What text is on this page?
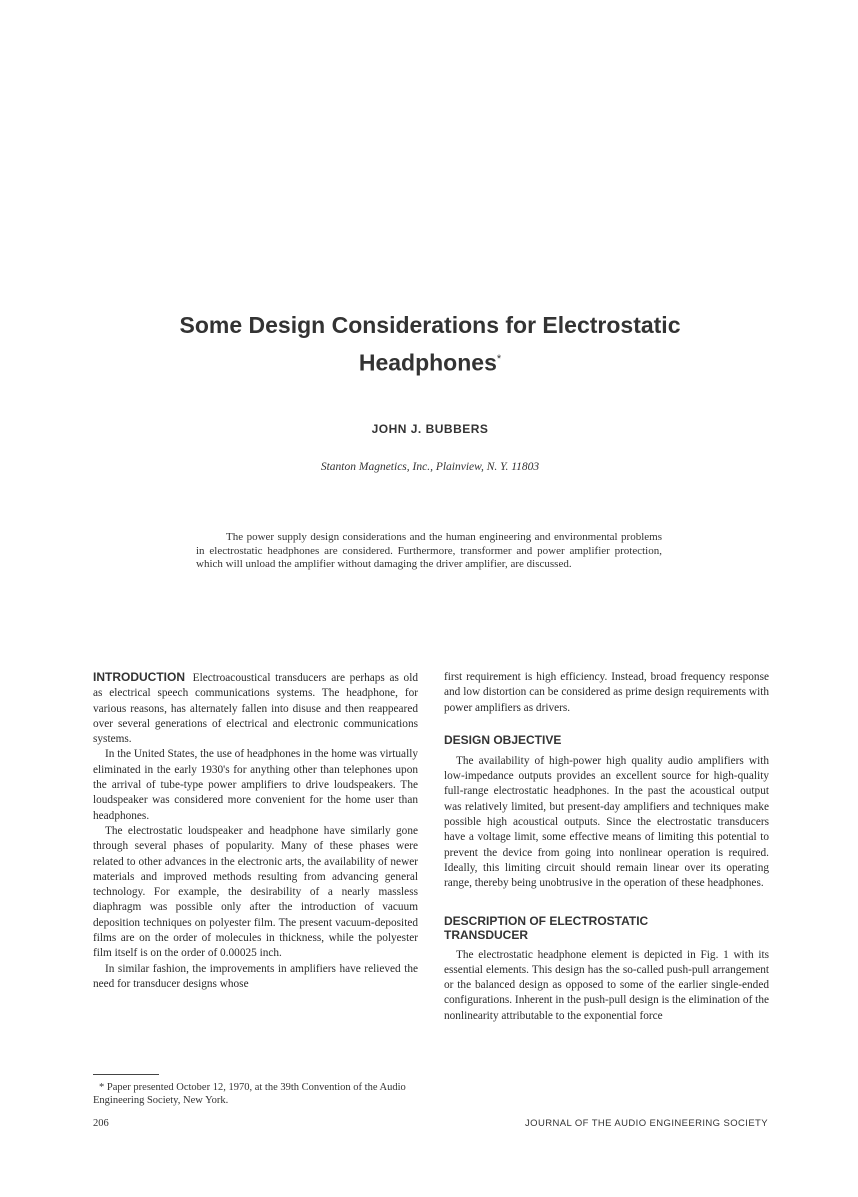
Some Design Considerations for Electrostatic
Headphones*
JOHN J. BUBBERS
Stanton Magnetics, Inc., Plainview, N. Y. 11803
The power supply design considerations and the human engineering and environmental problems in electrostatic headphones are considered. Furthermore, transformer and power amplifier protection, which will unload the amplifier without damaging the driver amplifier, are discussed.

INTRODUCTION Electroacoustical transducers are perhaps as old as electrical speech communications systems. The headphone, for various reasons, has alternately fallen into disuse and then reappeared over several generations of electrical and electronic communications systems.

In the United States, the use of headphones in the home was virtually eliminated in the early 1930's for anything other than telephones upon the arrival of tube-type power amplifiers to drive loudspeakers. The loudspeaker was considered more convenient for the home user than headphones.

The electrostatic loudspeaker and headphone have similarly gone through several phases of popularity. Many of these phases were related to other advances in the electronic arts, the availability of newer materials and improved methods resulting from advancing general technology. For example, the desirability of a nearly massless diaphragm was possible only after the introduction of vacuum deposition techniques on polyester film. The present vacuum-deposited films are on the order of molecules in thickness, while the polyester film itself is on the order of 0.00025 inch.

In similar fashion, the improvements in amplifiers have relieved the need for transducer designs whose

first requirement is high efficiency. Instead, broad frequency response and low distortion can be considered as prime design requirements with power amplifiers as drivers.

DESIGN OBJECTIVE

The availability of high-power high quality audio amplifiers with low-impedance outputs provides an excellent source for high-quality full-range electrostatic headphones. In the past the acoustical output was relatively limited, but present-day amplifiers and techniques make possible high acoustical outputs. Since the electrostatic transducers have a voltage limit, some effective means of limiting this potential to prevent the device from going into nonlinear operation is required. Ideally, this limiting circuit should remain linear over its operating range, thereby being unobtrusive in the operation of these headphones.

DESCRIPTION OF ELECTROSTATIC
TRANSDUCER

The electrostatic headphone element is depicted in Fig. 1 with its essential elements. This design has the so-called push-pull arrangement or the balanced design as opposed to some of the earlier single-ended configurations. Inherent in the push-pull design is the elimination of the nonlinearity attributable to the exponential force

* Paper presented October 12, 1970, at the 39th Convention of the Audio Engineering Society, New York.
206	JOURNAL OF THE AUDIO ENGINEERING SOCIETY
